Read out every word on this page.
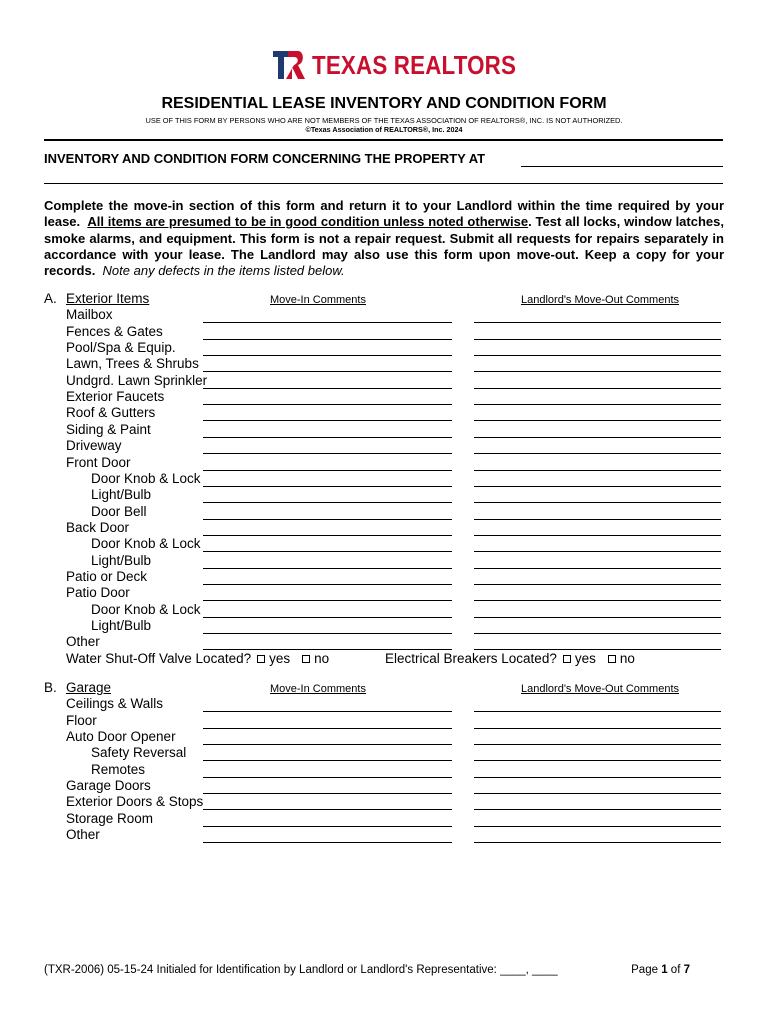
TEXAS REALTORS
RESIDENTIAL LEASE INVENTORY AND CONDITION FORM
USE OF THIS FORM BY PERSONS WHO ARE NOT MEMBERS OF THE TEXAS ASSOCIATION OF REALTORS®, INC. IS NOT AUTHORIZED.
©Texas Association of REALTORS®, Inc. 2024
INVENTORY AND CONDITION FORM CONCERNING THE PROPERTY AT
Complete the move-in section of this form and return it to your Landlord within the time required by your lease. All items are presumed to be in good condition unless noted otherwise. Test all locks, window latches, smoke alarms, and equipment. This form is not a repair request. Submit all requests for repairs separately in accordance with your lease. The Landlord may also use this form upon move-out. Keep a copy for your records. Note any defects in the items listed below.
A. Exterior Items	Move-In Comments	Landlord's Move-Out Comments
Mailbox
Fences & Gates
Pool/Spa & Equip.
Lawn, Trees & Shrubs
Undgrd. Lawn Sprinkler
Exterior Faucets
Roof & Gutters
Siding & Paint
Driveway
Front Door
Door Knob & Lock
Light/Bulb
Door Bell
Back Door
Door Knob & Lock
Light/Bulb
Patio or Deck
Patio Door
Door Knob & Lock
Light/Bulb
Other
Water Shut-Off Valve Located? yes no	Electrical Breakers Located? yes no
B. Garage	Move-In Comments	Landlord's Move-Out Comments
Ceilings & Walls
Floor
Auto Door Opener
Safety Reversal
Remotes
Garage Doors
Exterior Doors & Stops
Storage Room
Other
(TXR-2006) 05-15-24 Initialed for Identification by Landlord or Landlord's Representative: ____, ____	Page 1 of 7
